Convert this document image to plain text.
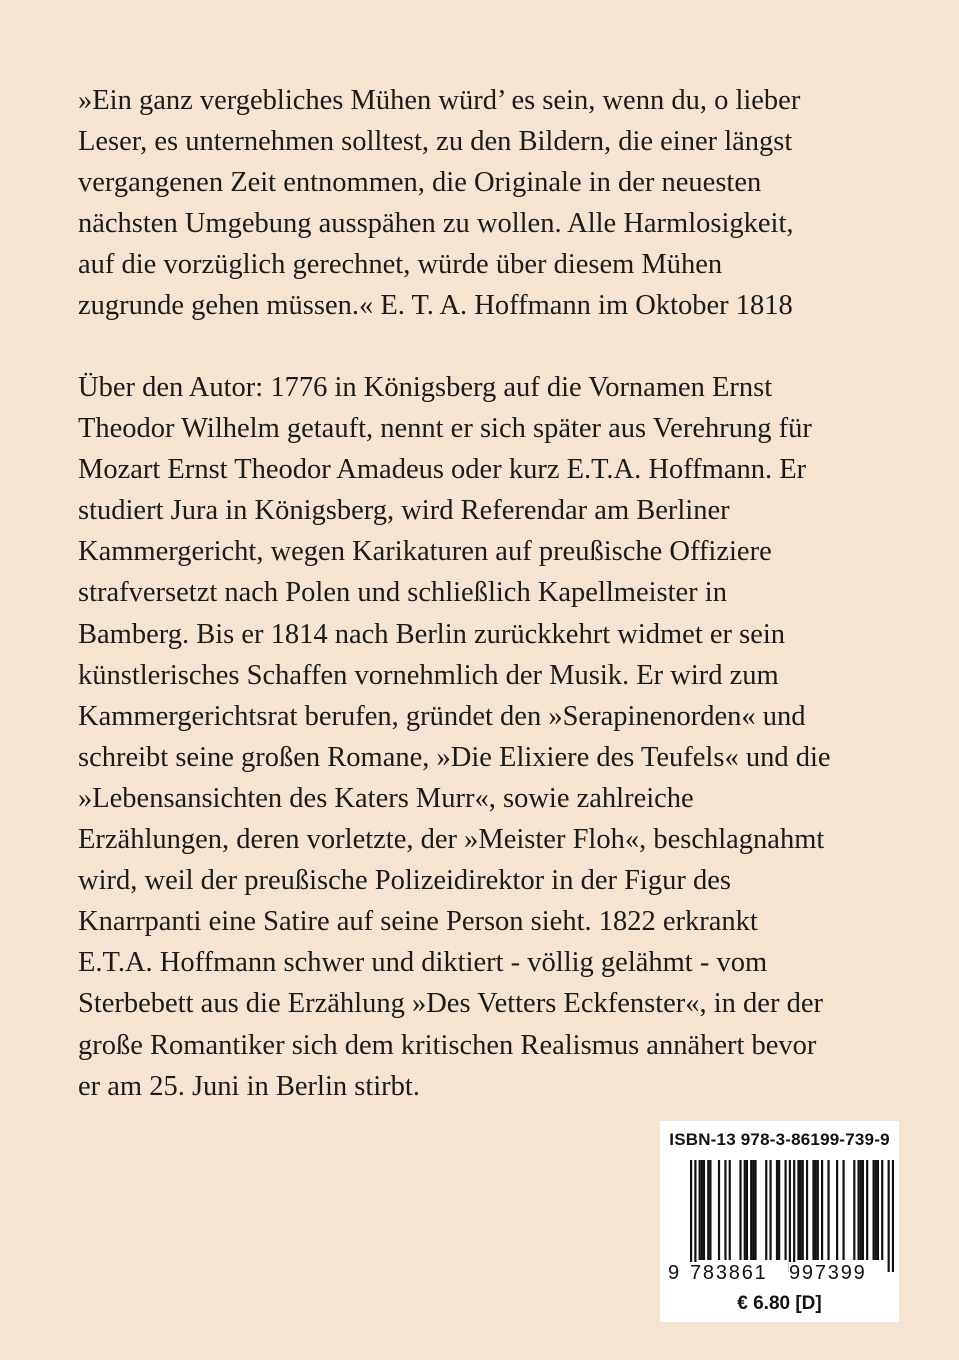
»Ein ganz vergebliches Mühen würd’ es sein, wenn du, o lieber
Leser, es unternehmen solltest, zu den Bildern, die einer längst
vergangenen Zeit entnommen, die Originale in der neuesten
nächsten Umgebung ausspähen zu wollen. Alle Harmlosigkeit,
auf die vorzüglich gerechnet, würde über diesem Mühen
zugrunde gehen müssen.« E. T. A. Hoffmann im Oktober 1818
Über den Autor: 1776 in Königsberg auf die Vornamen Ernst
Theodor Wilhelm getauft, nennt er sich später aus Verehrung für
Mozart Ernst Theodor Amadeus oder kurz E.T.A. Hoffmann. Er
studiert Jura in Königsberg, wird Referendar am Berliner
Kammergericht, wegen Karikaturen auf preußische Offiziere
strafversetzt nach Polen und schließlich Kapellmeister in
Bamberg. Bis er 1814 nach Berlin zurückkehrt widmet er sein
künstlerisches Schaffen vornehmlich der Musik. Er wird zum
Kammergerichtsrat berufen, gründet den »Serapinenorden« und
schreibt seine großen Romane, »Die Elixiere des Teufels« und die
»Lebensansichten des Katers Murr«, sowie zahlreiche
Erzählungen, deren vorletzte, der »Meister Floh«, beschlagnahmt
wird, weil der preußische Polizeidirektor in der Figur des
Knarrpanti eine Satire auf seine Person sieht. 1822 erkrankt
E.T.A. Hoffmann schwer und diktiert - völlig gelähmt - vom
Sterbebett aus die Erzählung »Des Vetters Eckfenster«, in der der
große Romantiker sich dem kritischen Realismus annähert bevor
er am 25. Juni in Berlin stirbt.
ISBN-13 978-3-86199-739-9
9 783861 997399
€ 6.80 [D]
